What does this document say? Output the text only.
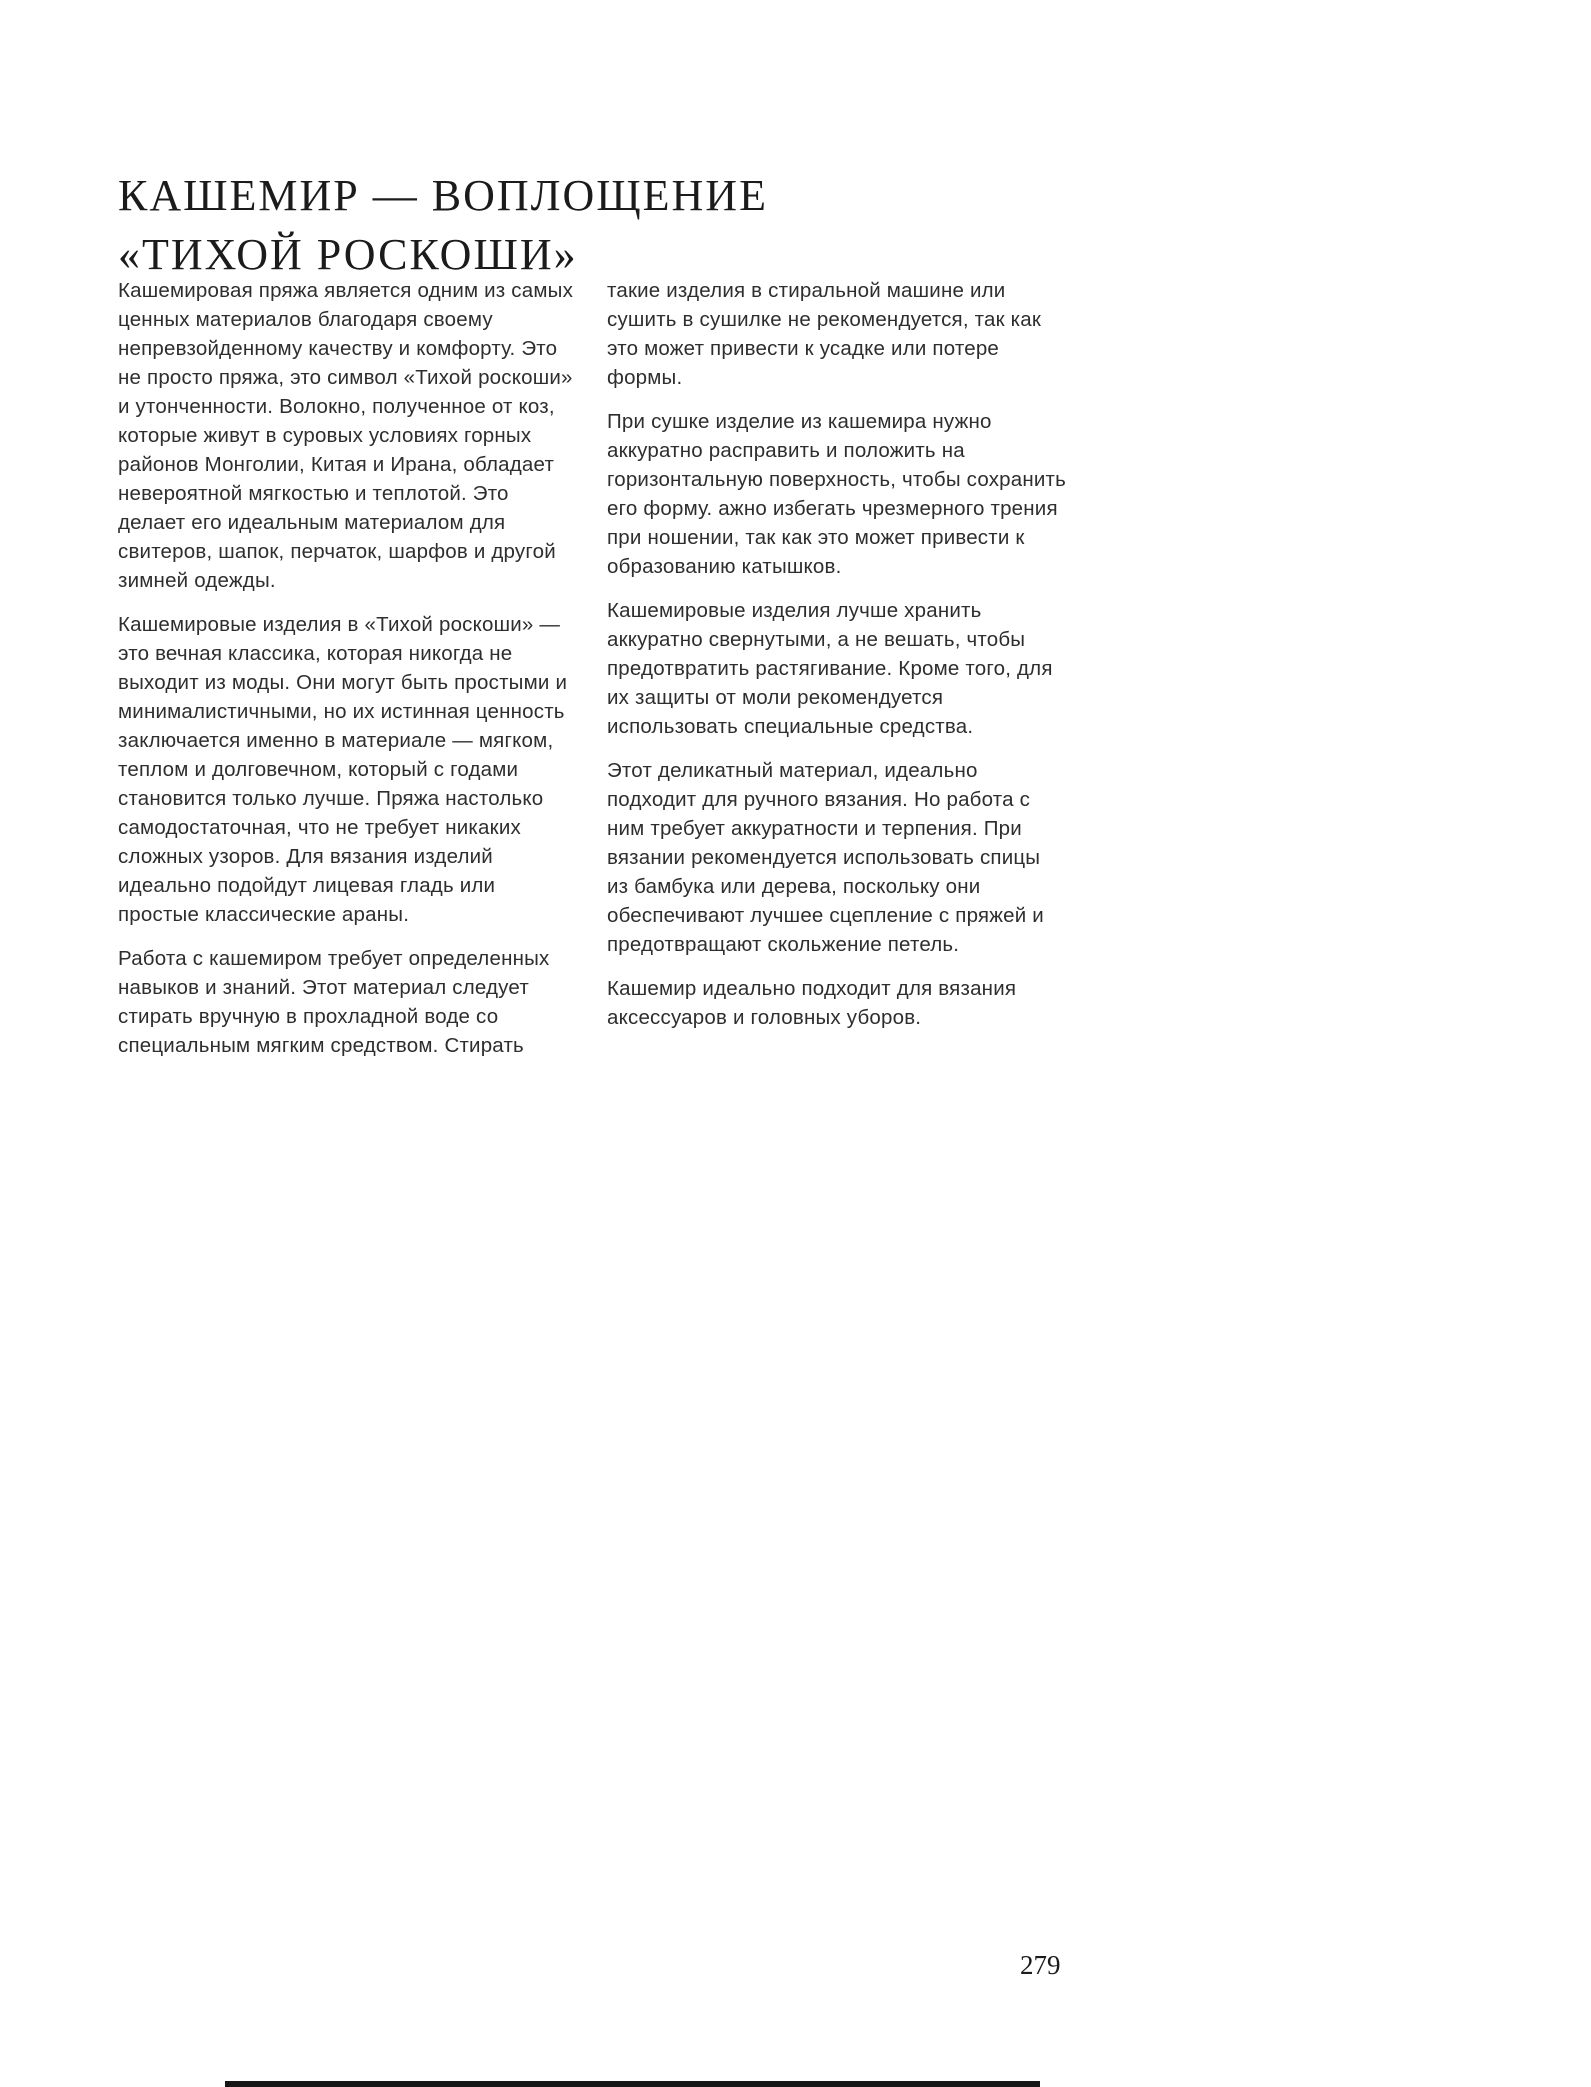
КАШЕМИР — ВОПЛОЩЕНИЕ
«ТИХОЙ РОСКОШИ»

Кашемировая пряжа является одним из самых ценных материалов благодаря своему непревзойденному качеству и комфорту. Это не просто пряжа, это символ «Тихой роскоши» и утонченности. Волокно, полученное от коз, которые живут в суровых условиях горных районов Монголии, Китая и Ирана, обладает невероятной мягкостью и теплотой. Это делает его идеальным материалом для свитеров, шапок, перчаток, шарфов и другой зимней одежды.

Кашемировые изделия в «Тихой роскоши» — это вечная классика, которая никогда не выходит из моды. Они могут быть простыми и минималистичными, но их истинная ценность заключается именно в материале — мягком, теплом и долговечном, который с годами становится только лучше. Пряжа настолько самодостаточная, что не требует никаких сложных узоров. Для вязания изделий идеально подойдут лицевая гладь или простые классические араны.

Работа с кашемиром требует определенных навыков и знаний. Этот материал следует стирать вручную в прохладной воде со специальным мягким средством. Стирать

такие изделия в стиральной машине или сушить в сушилке не рекомендуется, так как это может привести к усадке или потере формы.

При сушке изделие из кашемира нужно аккуратно расправить и положить на горизонтальную поверхность, чтобы сохранить его форму. ажно избегать чрезмерного трения при ношении, так как это может привести к образованию катышков.

Кашемировые изделия лучше хранить аккуратно свернутыми, а не вешать, чтобы предотвратить растягивание. Кроме того, для их защиты от моли рекомендуется использовать специальные средства.

Этот деликатный материал, идеально подходит для ручного вязания. Но работа с ним требует аккуратности и терпения. При вязании рекомендуется использовать спицы из бамбука или дерева, поскольку они обеспечивают лучшее сцепление с пряжей и предотвращают скольжение петель.

Кашемир идеально подходит для вязания аксессуаров и головных уборов.

279
